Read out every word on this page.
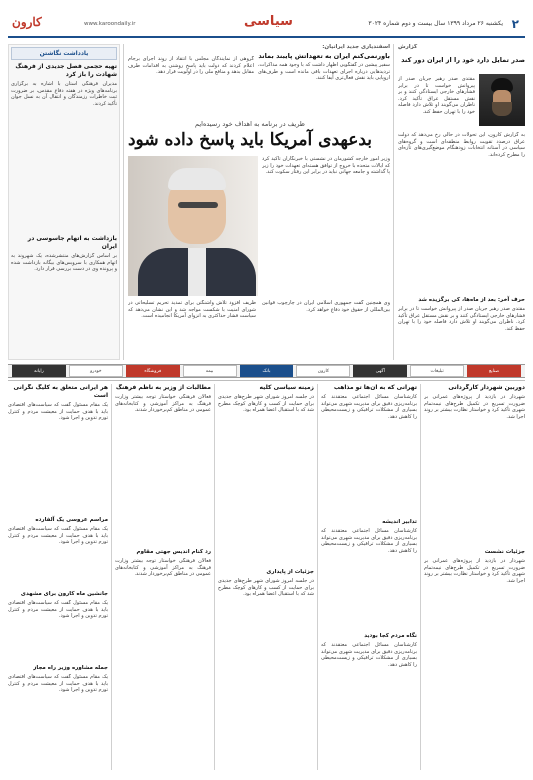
۲
یکشنبه ۲۶ مرداد ۱۳۹۹ سال بیست و دوم شماره ۳۰۲۴
سیاسی
www.karoondaily.ir
کارون
گزارش
صدر تمایل دارد خود را از ایران دور کند
مقتدی صدر رهبر جریان صدر از پیروانش خواست تا در برابر فشارهای خارجی ایستادگی کنند و بر نقش مستقل عراق تأکید کرد. ناظران می‌گویند او تلاش دارد فاصله خود را با تهران حفظ کند.
به گزارش کارون، این تحولات در حالی رخ می‌دهد که دولت عراق درصدد تقویت روابط منطقه‌ای است و گروه‌های سیاسی در آستانه انتخابات زودهنگام موضع‌گیری‌های تازه‌ای را مطرح کرده‌اند.
حرف آخر: بعد از ماه‌ها، کی برگزیده شد
مقتدی صدر رهبر جریان صدر از پیروانش خواست تا در برابر فشارهای خارجی ایستادگی کنند و بر نقش مستقل عراق تأکید کرد. ناظران می‌گویند او تلاش دارد فاصله خود را با تهران حفظ کند.
اسفندیاری جدید ایرانیان:
باورنمی‌کنم ایران به تعهداتش پایبند بماند
سفیر پیشین در گفتگویی اظهار داشت که با وجود همه مذاکرات، تردیدهایی درباره اجرای تعهدات باقی مانده است و طرف‌های اروپایی باید نقش فعال‌تری ایفا کنند.
گروهی از نمایندگان مجلس با انتقاد از روند اجرای برجام اعلام کردند که دولت باید پاسخ روشنی به اقدامات طرف مقابل بدهد و منافع ملی را در اولویت قرار دهد.
ظریف در برنامه به اهداف خود رسیده‌ایم
بدعهدی آمریکا باید پاسخ داده شود
وزیر امور خارجه کشورمان در نشستی با خبرنگاران تأکید کرد که ایالات متحده با خروج از توافق هسته‌ای تعهدات خود را زیر پا گذاشته و جامعه جهانی نباید در برابر این رفتار سکوت کند.
ظریف افزود تلاش واشنگتن برای تمدید تحریم تسلیحاتی در شورای امنیت با شکست مواجه شد و این نشان می‌دهد که سیاست فشار حداکثری به انزوای آمریکا انجامیده است.
وی همچنین گفت جمهوری اسلامی ایران در چارچوب قوانین بین‌المللی از حقوق خود دفاع خواهد کرد.
یادداشت نگاشتن
تهیه حجمی فصل جدیدی از فرهنگ
شهادت را باز کرد
مدیران فرهنگی استان با اشاره به برگزاری برنامه‌های ویژه در هفته دفاع مقدس، بر ضرورت ثبت خاطرات رزمندگان و انتقال آن به نسل جوان تأکید کردند.
بازداشت به اتهام جاسوسی در ایران
بر اساس گزارش‌های منتشرشده، یک شهروند به اتهام همکاری با سرویس‌های بیگانه بازداشت شده و پرونده وی در دست بررسی قرار دارد.
صنایع
تبلیغات
آگهی
کارون
بانک
بیمه
فروشگاه
خودرو
رایانه
دوربین شهردار کارگردانی
شهردار در بازدید از پروژه‌های عمرانی بر ضرورت تسریع در تکمیل طرح‌های نیمه‌تمام شهری تأکید کرد و خواستار نظارت بیشتر بر روند اجرا شد.
جزئیات نشست
شهردار در بازدید از پروژه‌های عمرانی بر ضرورت تسریع در تکمیل طرح‌های نیمه‌تمام شهری تأکید کرد و خواستار نظارت بیشتر بر روند اجرا شد.
تهرانی که به آن‌ها تو مذاهب
کارشناسان مسائل اجتماعی معتقدند که برنامه‌ریزی دقیق برای مدیریت شهری می‌تواند بسیاری از مشکلات ترافیکی و زیست‌محیطی را کاهش دهد.
تدابیر اندیشه
کارشناسان مسائل اجتماعی معتقدند که برنامه‌ریزی دقیق برای مدیریت شهری می‌تواند بسیاری از مشکلات ترافیکی و زیست‌محیطی را کاهش دهد.
نگاه مردم کجا بودید
کارشناسان مسائل اجتماعی معتقدند که برنامه‌ریزی دقیق برای مدیریت شهری می‌تواند بسیاری از مشکلات ترافیکی و زیست‌محیطی را کاهش دهد.
زمینه سیاسی کلیه
در جلسه امروز شورای شهر طرح‌های جدیدی برای حمایت از کسب و کارهای کوچک مطرح شد که با استقبال اعضا همراه بود.
جزئیات از پایداری
در جلسه امروز شورای شهر طرح‌های جدیدی برای حمایت از کسب و کارهای کوچک مطرح شد که با استقبال اعضا همراه بود.
مطالبات از وزیر به ناظم فرهنگ
فعالان فرهنگی خواستار توجه بیشتر وزارت فرهنگ به مراکز آموزشی و کتابخانه‌های عمومی در مناطق کم‌برخوردار شدند.
رد کنام اندیس جهتی مقاوم
فعالان فرهنگی خواستار توجه بیشتر وزارت فرهنگ به مراکز آموزشی و کتابخانه‌های عمومی در مناطق کم‌برخوردار شدند.
هر ایرانی متعلق به کلیگ نگرانی است
یک مقام مسئول گفت که سیاست‌های اقتصادی باید با هدف حمایت از معیشت مردم و کنترل تورم تدوین و اجرا شود.
مراسم عروسی یک آلفارده
یک مقام مسئول گفت که سیاست‌های اقتصادی باید با هدف حمایت از معیشت مردم و کنترل تورم تدوین و اجرا شود.
جانشین ماه کارون برای مشهدی
یک مقام مسئول گفت که سیاست‌های اقتصادی باید با هدف حمایت از معیشت مردم و کنترل تورم تدوین و اجرا شود.
جمله مشاوره وزیر راه مجاز
یک مقام مسئول گفت که سیاست‌های اقتصادی باید با هدف حمایت از معیشت مردم و کنترل تورم تدوین و اجرا شود.
